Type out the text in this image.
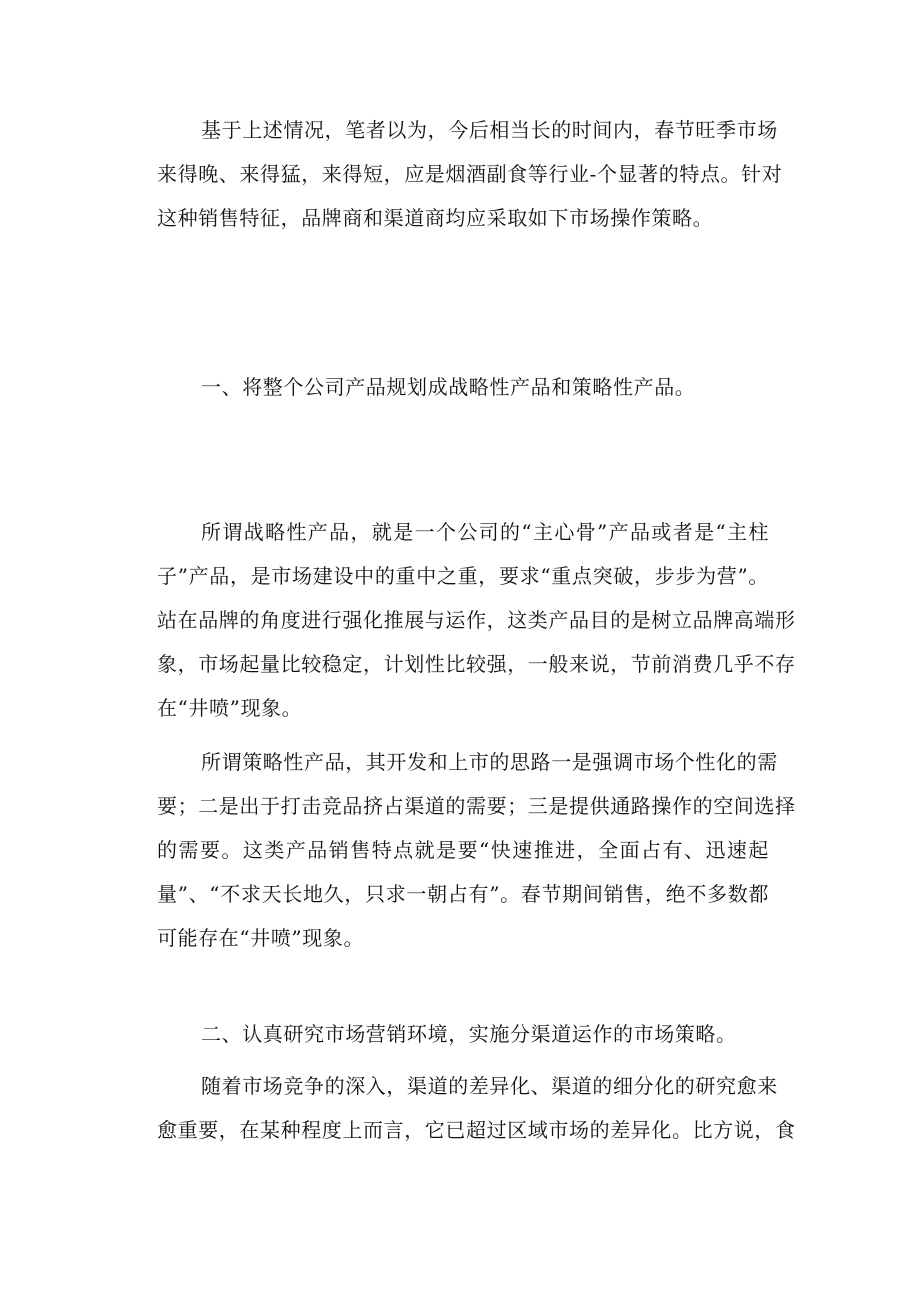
基于上述情况，笔者以为，今后相当长的时间内，春节旺季市场
来得晚、来得猛，来得短，应是烟酒副食等行业-个显著的特点。针对
这种销售特征，品牌商和渠道商均应采取如下市场操作策略。
一、将整个公司产品规划成战略性产品和策略性产品。
所谓战略性产品，就是一个公司的“主心骨”产品或者是“主柱
子”产品，是市场建设中的重中之重，要求“重点突破，步步为营”。
站在品牌的角度进行强化推展与运作，这类产品目的是树立品牌高端形
象，市场起量比较稳定，计划性比较强，一般来说，节前消费几乎不存
在“井喷”现象。
所谓策略性产品，其开发和上市的思路一是强调市场个性化的需
要；二是出于打击竞品挤占渠道的需要；三是提供通路操作的空间选择
的需要。这类产品销售特点就是要“快速推进，全面占有、迅速起
量”、“不求天长地久，只求一朝占有”。春节期间销售，绝不多数都
可能存在“井喷”现象。
二、认真研究市场营销环境，实施分渠道运作的市场策略。
随着市场竞争的深入，渠道的差异化、渠道的细分化的研究愈来
愈重要，在某种程度上而言，它已超过区域市场的差异化。比方说，食
